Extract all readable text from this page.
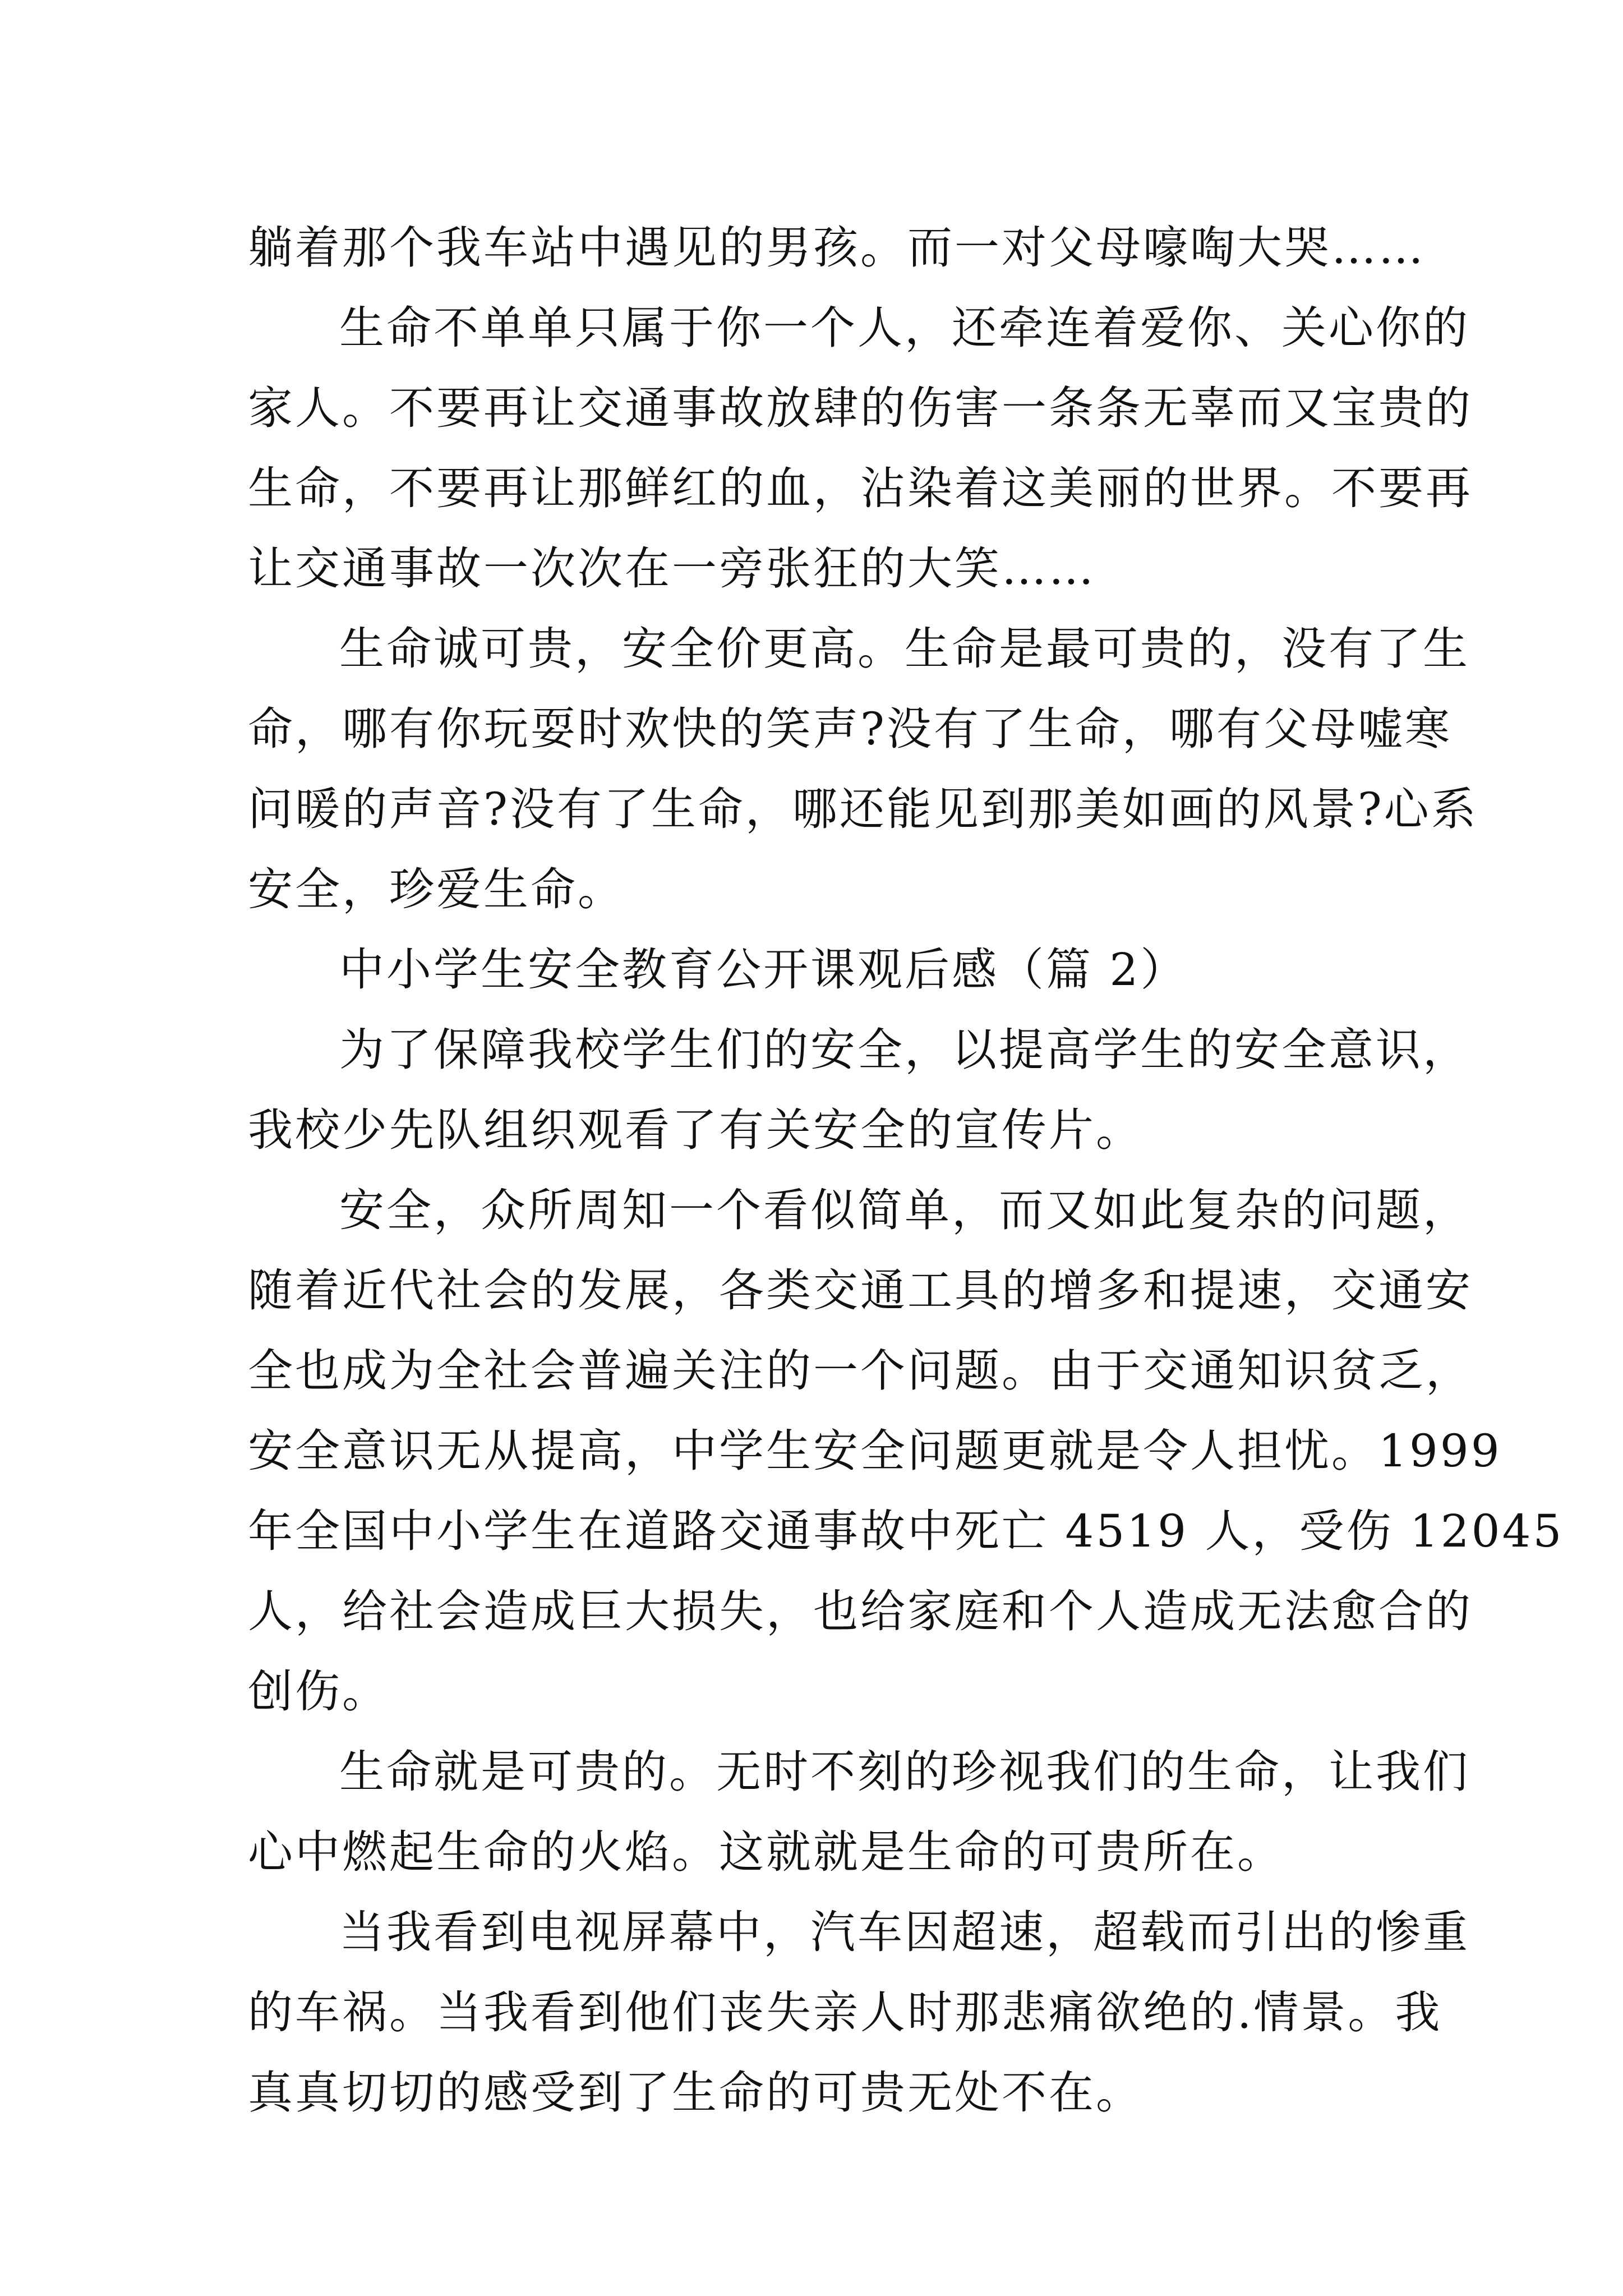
躺着那个我车站中遇见的男孩。而一对父母嚎啕大哭……
生命不单单只属于你一个人，还牵连着爱你、关心你的
家人。不要再让交通事故放肆的伤害一条条无辜而又宝贵的
生命，不要再让那鲜红的血，沾染着这美丽的世界。不要再
让交通事故一次次在一旁张狂的大笑……
生命诚可贵，安全价更高。生命是最可贵的，没有了生
命，哪有你玩耍时欢快的笑声?没有了生命，哪有父母嘘寒
问暖的声音?没有了生命，哪还能见到那美如画的风景?心系
安全，珍爱生命。
中小学生安全教育公开课观后感（篇 2）
为了保障我校学生们的安全，以提高学生的安全意识，
我校少先队组织观看了有关安全的宣传片。
安全，众所周知一个看似简单，而又如此复杂的问题，
随着近代社会的发展，各类交通工具的增多和提速，交通安
全也成为全社会普遍关注的一个问题。由于交通知识贫乏，
安全意识无从提高，中学生安全问题更就是令人担忧。1999
年全国中小学生在道路交通事故中死亡 4519 人，受伤 12045
人，给社会造成巨大损失，也给家庭和个人造成无法愈合的
创伤。
生命就是可贵的。无时不刻的珍视我们的生命，让我们
心中燃起生命的火焰。这就就是生命的可贵所在。
当我看到电视屏幕中，汽车因超速，超载而引出的惨重
的车祸。当我看到他们丧失亲人时那悲痛欲绝的.情景。我
真真切切的感受到了生命的可贵无处不在。
